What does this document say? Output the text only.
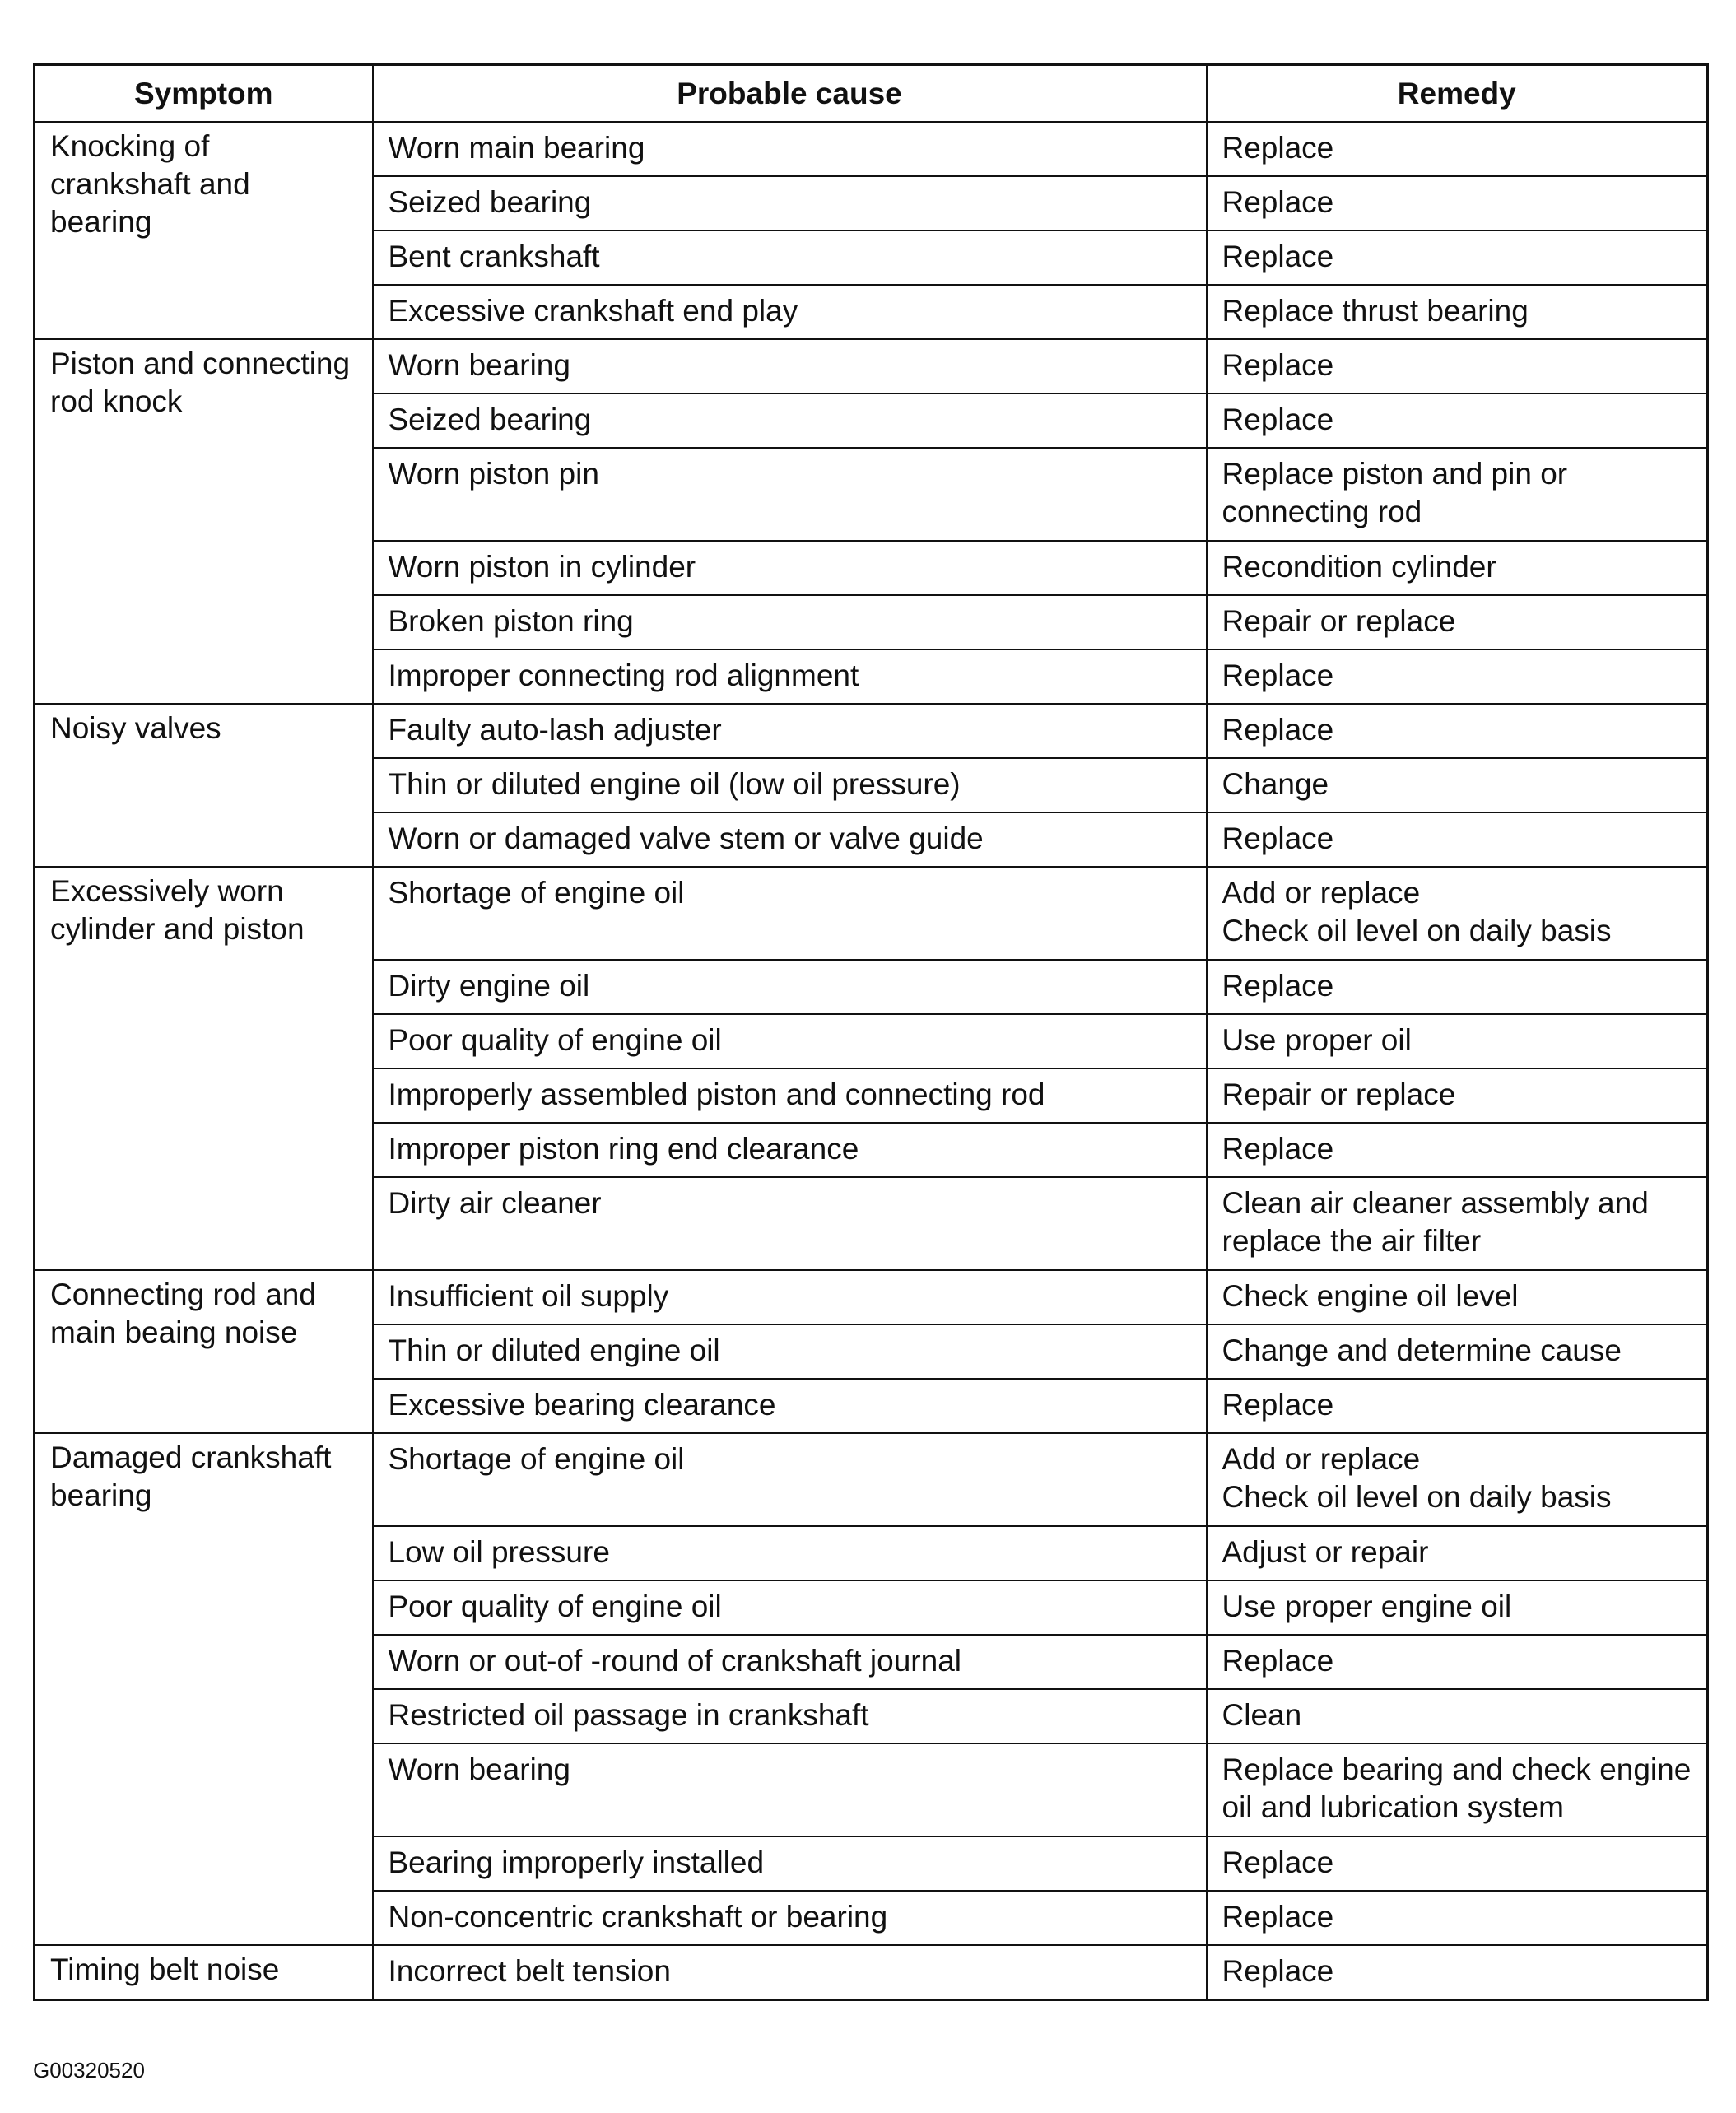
Symptom	Probable cause	Remedy
Knocking of crankshaft and bearing	Worn main bearing	Replace
	Seized bearing	Replace
	Bent crankshaft	Replace
	Excessive crankshaft end play	Replace thrust bearing
Piston and connecting rod knock	Worn bearing	Replace
	Seized bearing	Replace
	Worn piston pin	Replace piston and pin or connecting rod
	Worn piston in cylinder	Recondition cylinder
	Broken piston ring	Repair or replace
	Improper connecting rod alignment	Replace
Noisy valves	Faulty auto-lash adjuster	Replace
	Thin or diluted engine oil (low oil pressure)	Change
	Worn or damaged valve stem or valve guide	Replace
Excessively worn cylinder and piston	Shortage of engine oil	Add or replace
Check oil level on daily basis

	Dirty engine oil	Replace
	Poor quality of engine oil	Use proper oil
	Improperly assembled piston and connecting rod	Repair or replace
	Improper piston ring end clearance	Replace
	Dirty air cleaner	Clean air cleaner assembly and replace the air filter
Connecting rod and main beaing noise	Insufficient oil supply	Check engine oil level
	Thin or diluted engine oil	Change and determine cause
	Excessive bearing clearance	Replace
Damaged crankshaft bearing	Shortage of engine oil	Add or replace
Check oil level on daily basis

	Low oil pressure	Adjust or repair
	Poor quality of engine oil	Use proper engine oil
	Worn or out-of -round of crankshaft journal	Replace
	Restricted oil passage in crankshaft	Clean
	Worn bearing	Replace bearing and check engine oil and lubrication system
	Bearing improperly installed	Replace
	Non-concentric crankshaft or bearing	Replace
Timing belt noise	Incorrect belt tension	Replace
G00320520
